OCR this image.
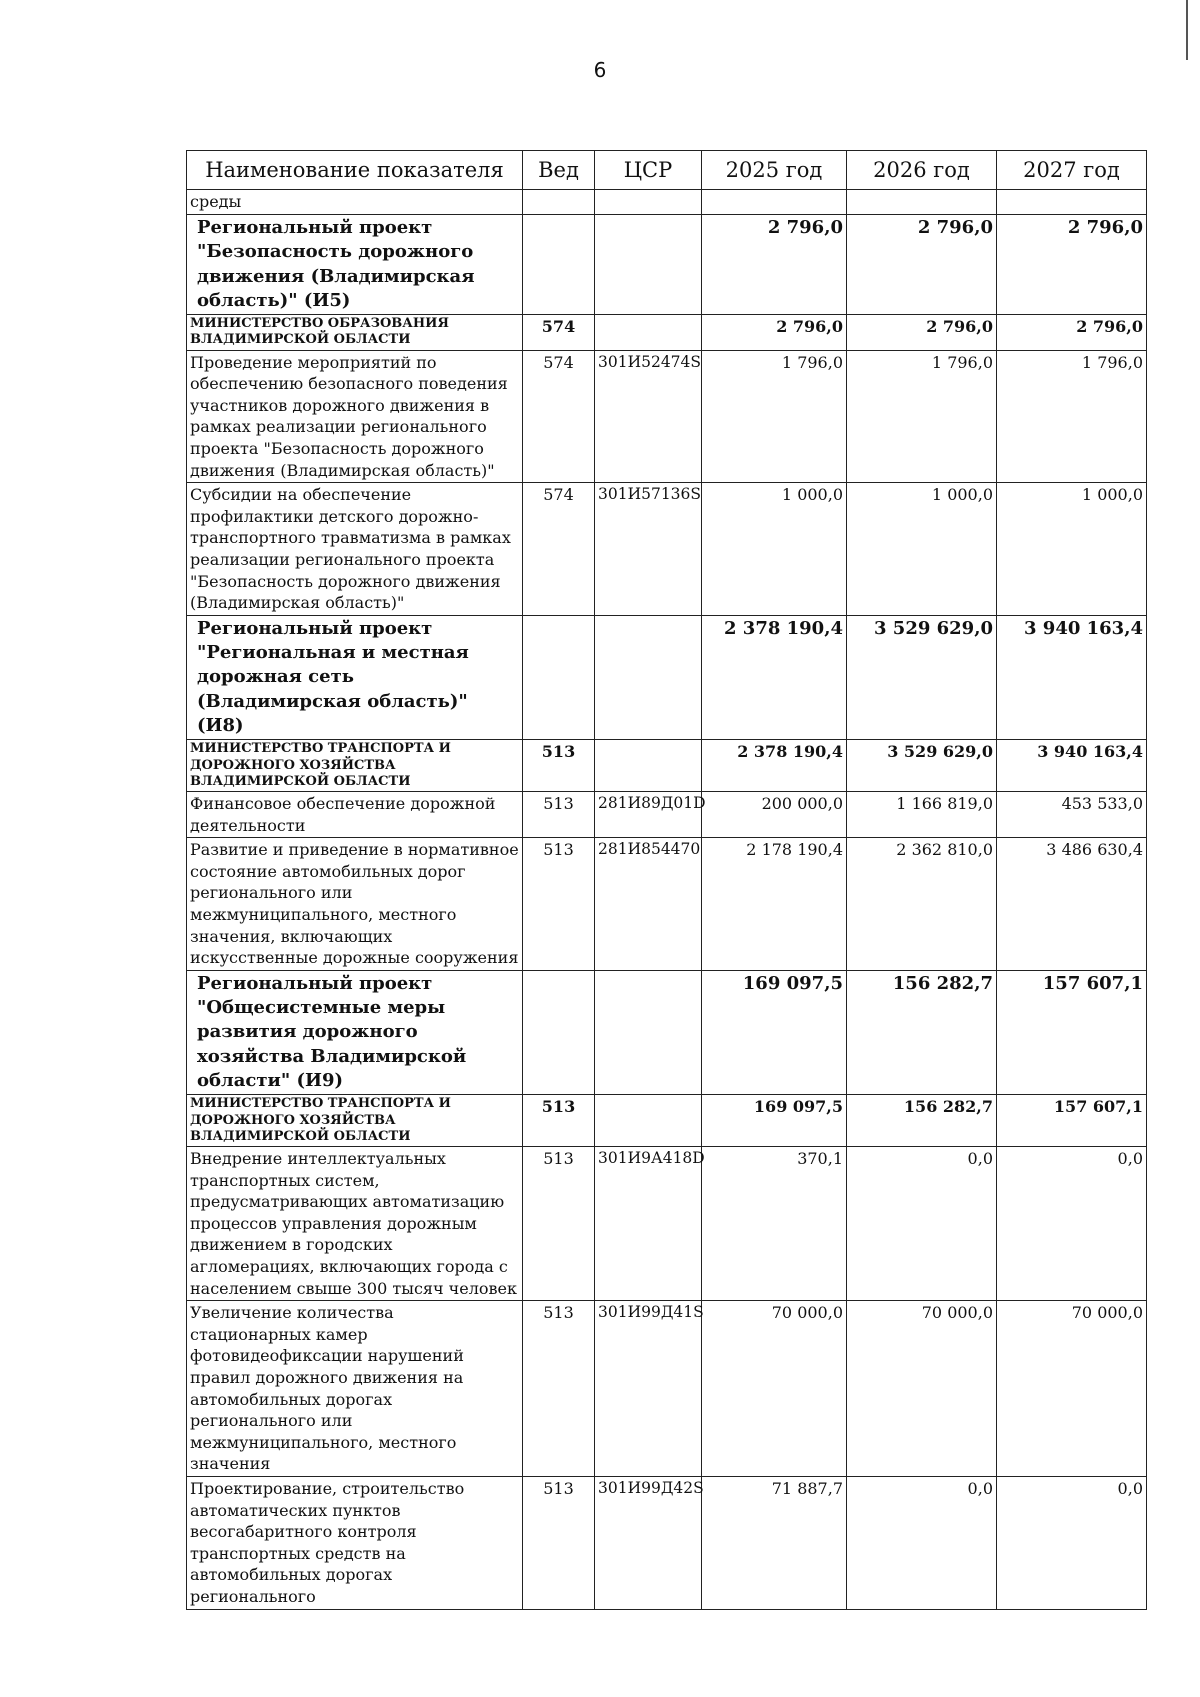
6
Наименование показателя	Вед	ЦСР	2025 год	2026 год	2027 год
среды					
Региональный проект "Безопасность дорожного движения (Владимирская область)" (И5)			2 796,0	2 796,0	2 796,0
МИНИСТЕРСТВО ОБРАЗОВАНИЯ ВЛАДИМИРСКОЙ ОБЛАСТИ	574		2 796,0	2 796,0	2 796,0
Проведение мероприятий по обеспечению безопасного поведения участников дорожного движения в рамках реализации регионального проекта "Безопасность дорожного движения (Владимирская область)"	574	301И52474S	1 796,0	1 796,0	1 796,0
Субсидии на обеспечение профилактики детского дорожно-транспортного травматизма в рамках реализации регионального проекта "Безопасность дорожного движения (Владимирская область)"	574	301И57136S	1 000,0	1 000,0	1 000,0
Региональный проект "Региональная и местная дорожная сеть (Владимирская область)" (И8)			2 378 190,4	3 529 629,0	3 940 163,4
МИНИСТЕРСТВО ТРАНСПОРТА И ДОРОЖНОГО ХОЗЯЙСТВА ВЛАДИМИРСКОЙ ОБЛАСТИ	513		2 378 190,4	3 529 629,0	3 940 163,4
Финансовое обеспечение дорожной деятельности	513	281И89Д01D	200 000,0	1 166 819,0	453 533,0
Развитие и приведение в нормативное состояние автомобильных дорог регионального или межмуниципального, местного значения, включающих искусственные дорожные сооружения	513	281И854470	2 178 190,4	2 362 810,0	3 486 630,4
Региональный проект "Общесистемные меры развития дорожного хозяйства Владимирской области" (И9)			169 097,5	156 282,7	157 607,1
МИНИСТЕРСТВО ТРАНСПОРТА И ДОРОЖНОГО ХОЗЯЙСТВА ВЛАДИМИРСКОЙ ОБЛАСТИ	513		169 097,5	156 282,7	157 607,1
Внедрение интеллектуальных транспортных систем, предусматривающих автоматизацию процессов управления дорожным движением в городских агломерациях, включающих города с населением свыше 300 тысяч человек	513	301И9А418D	370,1	0,0	0,0
Увеличение количества стационарных камер фотовидеофиксации нарушений правил дорожного движения на автомобильных дорогах регионального или межмуниципального, местного значения	513	301И99Д41S	70 000,0	70 000,0	70 000,0
Проектирование, строительство автоматических пунктов весогабаритного контроля транспортных средств на автомобильных дорогах регионального	513	301И99Д42S	71 887,7	0,0	0,0
